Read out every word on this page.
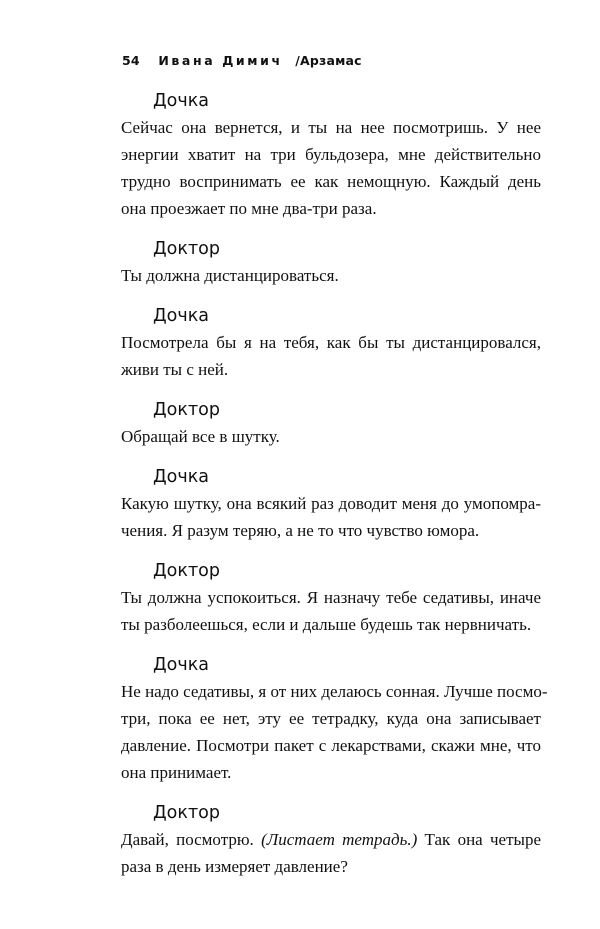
54 Ивана Димич /Арзамас
Дочка
Сейчас она вернется, и ты на нее посмотришь. У нее
энергии хватит на три бульдозера, мне действительно
трудно воспринимать ее как немощную. Каждый день
она проезжает по мне два-три раза.
Доктор
Ты должна дистанцироваться.
Дочка
Посмотрела бы я на тебя, как бы ты дистанцировался,
живи ты с ней.
Доктор
Обращай все в шутку.
Дочка
Какую шутку, она всякий раз доводит меня до умопомра-
чения. Я разум теряю, а не то что чувство юмора.
Доктор
Ты должна успокоиться. Я назначу тебе седативы, иначе
ты разболеешься, если и дальше будешь так нервничать.
Дочка
Не надо седативы, я от них делаюсь сонная. Лучше посмо-
три, пока ее нет, эту ее тетрадку, куда она записывает
давление. Посмотри пакет с лекарствами, скажи мне, что
она принимает.
Доктор
Давай, посмотрю. (Листает тетрадь.) Так она четыре
раза в день измеряет давление?
